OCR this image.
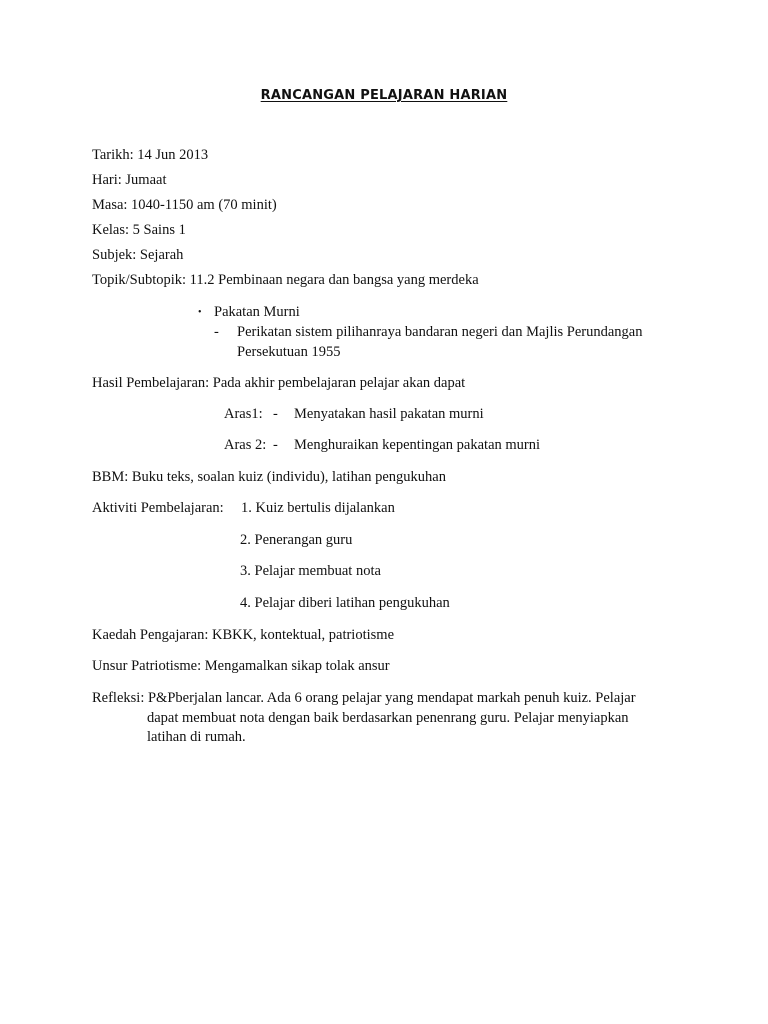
RANCANGAN PELAJARAN HARIAN
Tarikh: 14 Jun 2013
Hari: Jumaat
Masa: 1040-1150 am (70 minit)
Kelas: 5 Sains 1
Subjek: Sejarah
Topik/Subtopik: 11.2 Pembinaan negara dan bangsa yang merdeka
• Pakatan Murni
- Perikatan sistem pilihanraya bandaran negeri dan Majlis Perundangan Persekutuan 1955
Hasil Pembelajaran: Pada akhir pembelajaran pelajar akan dapat
Aras1: - Menyatakan hasil pakatan murni
Aras 2: - Menghuraikan kepentingan pakatan murni
BBM: Buku teks, soalan kuiz (individu), latihan pengukuhan
Aktiviti Pembelajaran: 1. Kuiz bertulis dijalankan
2. Penerangan guru
3. Pelajar membuat nota
4. Pelajar diberi latihan pengukuhan
Kaedah Pengajaran: KBKK, kontektual, patriotisme
Unsur Patriotisme: Mengamalkan sikap tolak ansur
Refleksi: P&Pberjalan lancar. Ada 6 orang pelajar yang mendapat markah penuh kuiz. Pelajar
dapat membuat nota dengan baik berdasarkan penenrang guru. Pelajar menyiapkan
latihan di rumah.
